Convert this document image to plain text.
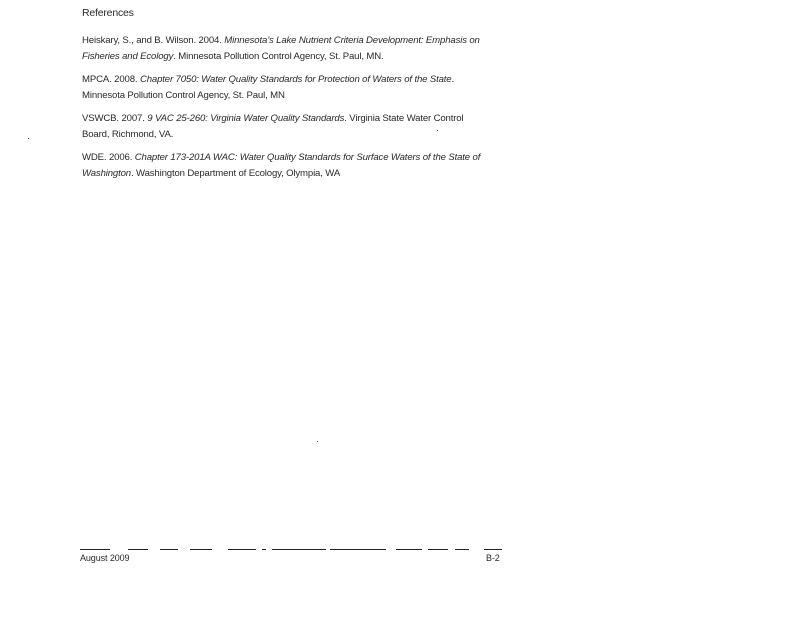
References
Heiskary, S., and B. Wilson. 2004. Minnesota’s Lake Nutrient Criteria Development: Emphasis on
Fisheries and Ecology. Minnesota Pollution Control Agency, St. Paul, MN.
MPCA. 2008. Chapter 7050: Water Quality Standards for Protection of Waters of the State.
Minnesota Pollution Control Agency, St. Paul, MN
VSWCB. 2007. 9 VAC 25-260: Virginia Water Quality Standards. Virginia State Water Control
Board, Richmond, VA.
WDE. 2006. Chapter 173-201A WAC: Water Quality Standards for Surface Waters of the State of
Washington. Washington Department of Ecology, Olympia, WA
August 2009	B-2
